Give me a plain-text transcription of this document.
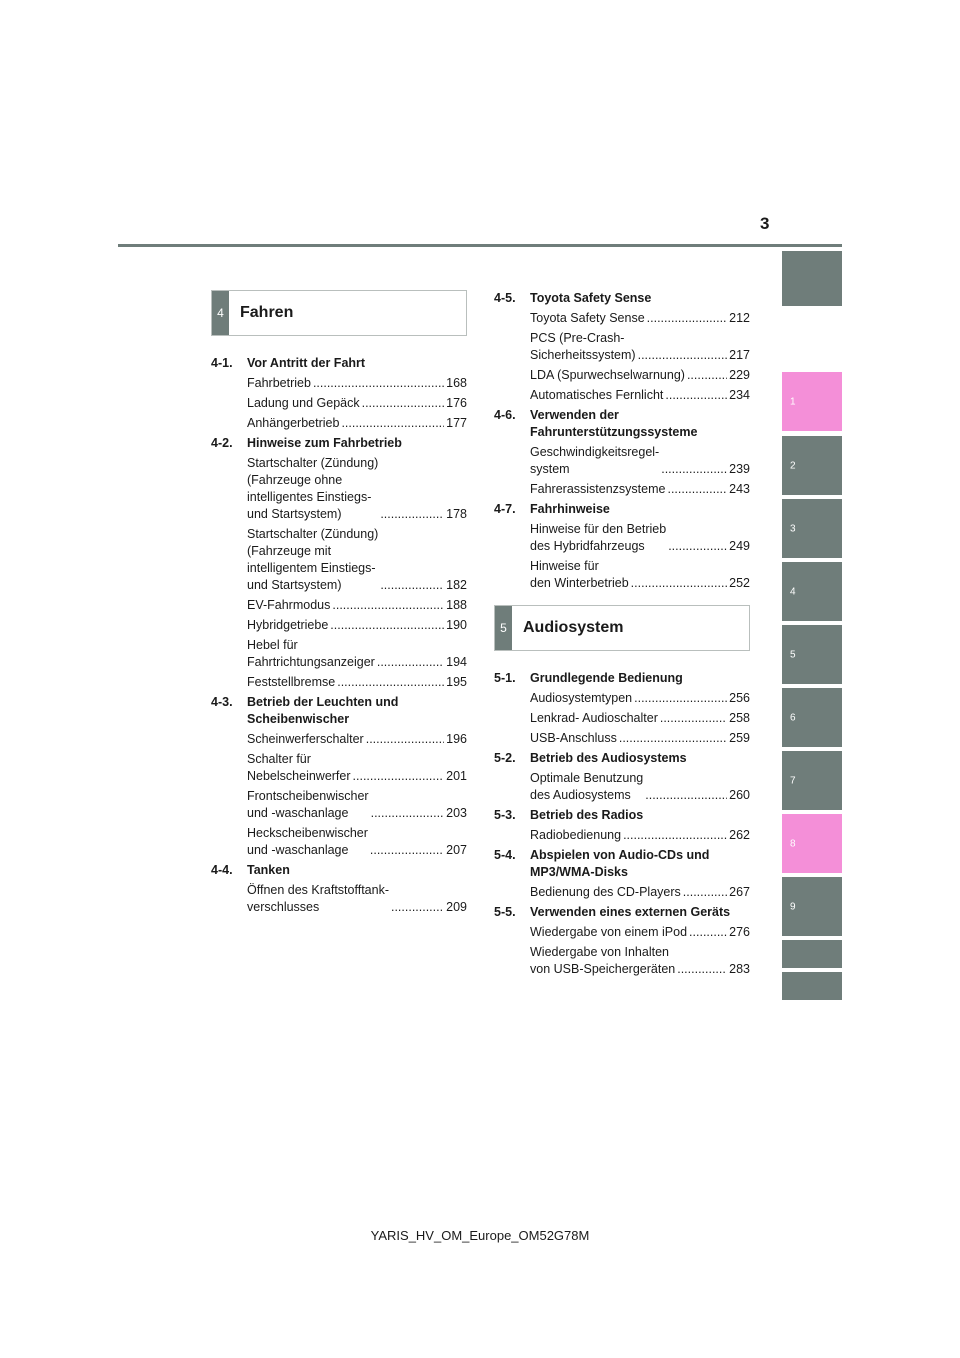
3
1
2
3
4
5
6
7
8
9
4	Fahren
4-1.	Vor Antritt der Fahrt
Fahrbetrieb .....	168
Ladung und Gepäck .....	176
Anhängerbetrieb .....	177
4-2.	Hinweise zum Fahrbetrieb
Startschalter (Zündung)
(Fahrzeuge ohne
intelligentes Einstiegs-
und Startsystem) .....	178
Startschalter (Zündung)
(Fahrzeuge mit
intelligentem Einstiegs-
und Startsystem) .....	182
EV-Fahrmodus .....	188
Hybridgetriebe .....	190
Hebel für
Fahrtrichtungsanzeiger .....	194
Feststellbremse .....	195
4-3.	Betrieb der Leuchten und Scheibenwischer
Scheinwerferschalter .....	196
Schalter für
Nebelscheinwerfer .....	201
Frontscheibenwischer
und -waschanlage .....	203
Heckscheibenwischer
und -waschanlage .....	207
4-4.	Tanken
Öffnen des Kraftstofftank-
verschlusses .....	209
4-5.	Toyota Safety Sense
Toyota Safety Sense .....	212
PCS (Pre-Crash-
Sicherheitssystem) .....	217
LDA (Spurwechselwarnung) .....	229
Automatisches Fernlicht .....	234
4-6.	Verwenden der Fahrunterstützungssysteme
Geschwindigkeitsregel-
system .....	239
Fahrerassistenzsysteme .....	243
4-7.	Fahrhinweise
Hinweise für den Betrieb
des Hybridfahrzeugs .....	249
Hinweise für
den Winterbetrieb .....	252
5	Audiosystem
5-1.	Grundlegende Bedienung
Audiosystemtypen .....	256
Lenkrad- Audioschalter .....	258
USB-Anschluss .....	259
5-2.	Betrieb des Audiosystems
Optimale Benutzung
des Audiosystems .....	260
5-3.	Betrieb des Radios
Radiobedienung .....	262
5-4.	Abspielen von Audio-CDs und MP3/WMA-Disks
Bedienung des CD-Players .....	267
5-5.	Verwenden eines externen Geräts
Wiedergabe von einem iPod .....	276
Wiedergabe von Inhalten
von USB-Speichergeräten .....	283
YARIS_HV_OM_Europe_OM52G78M
